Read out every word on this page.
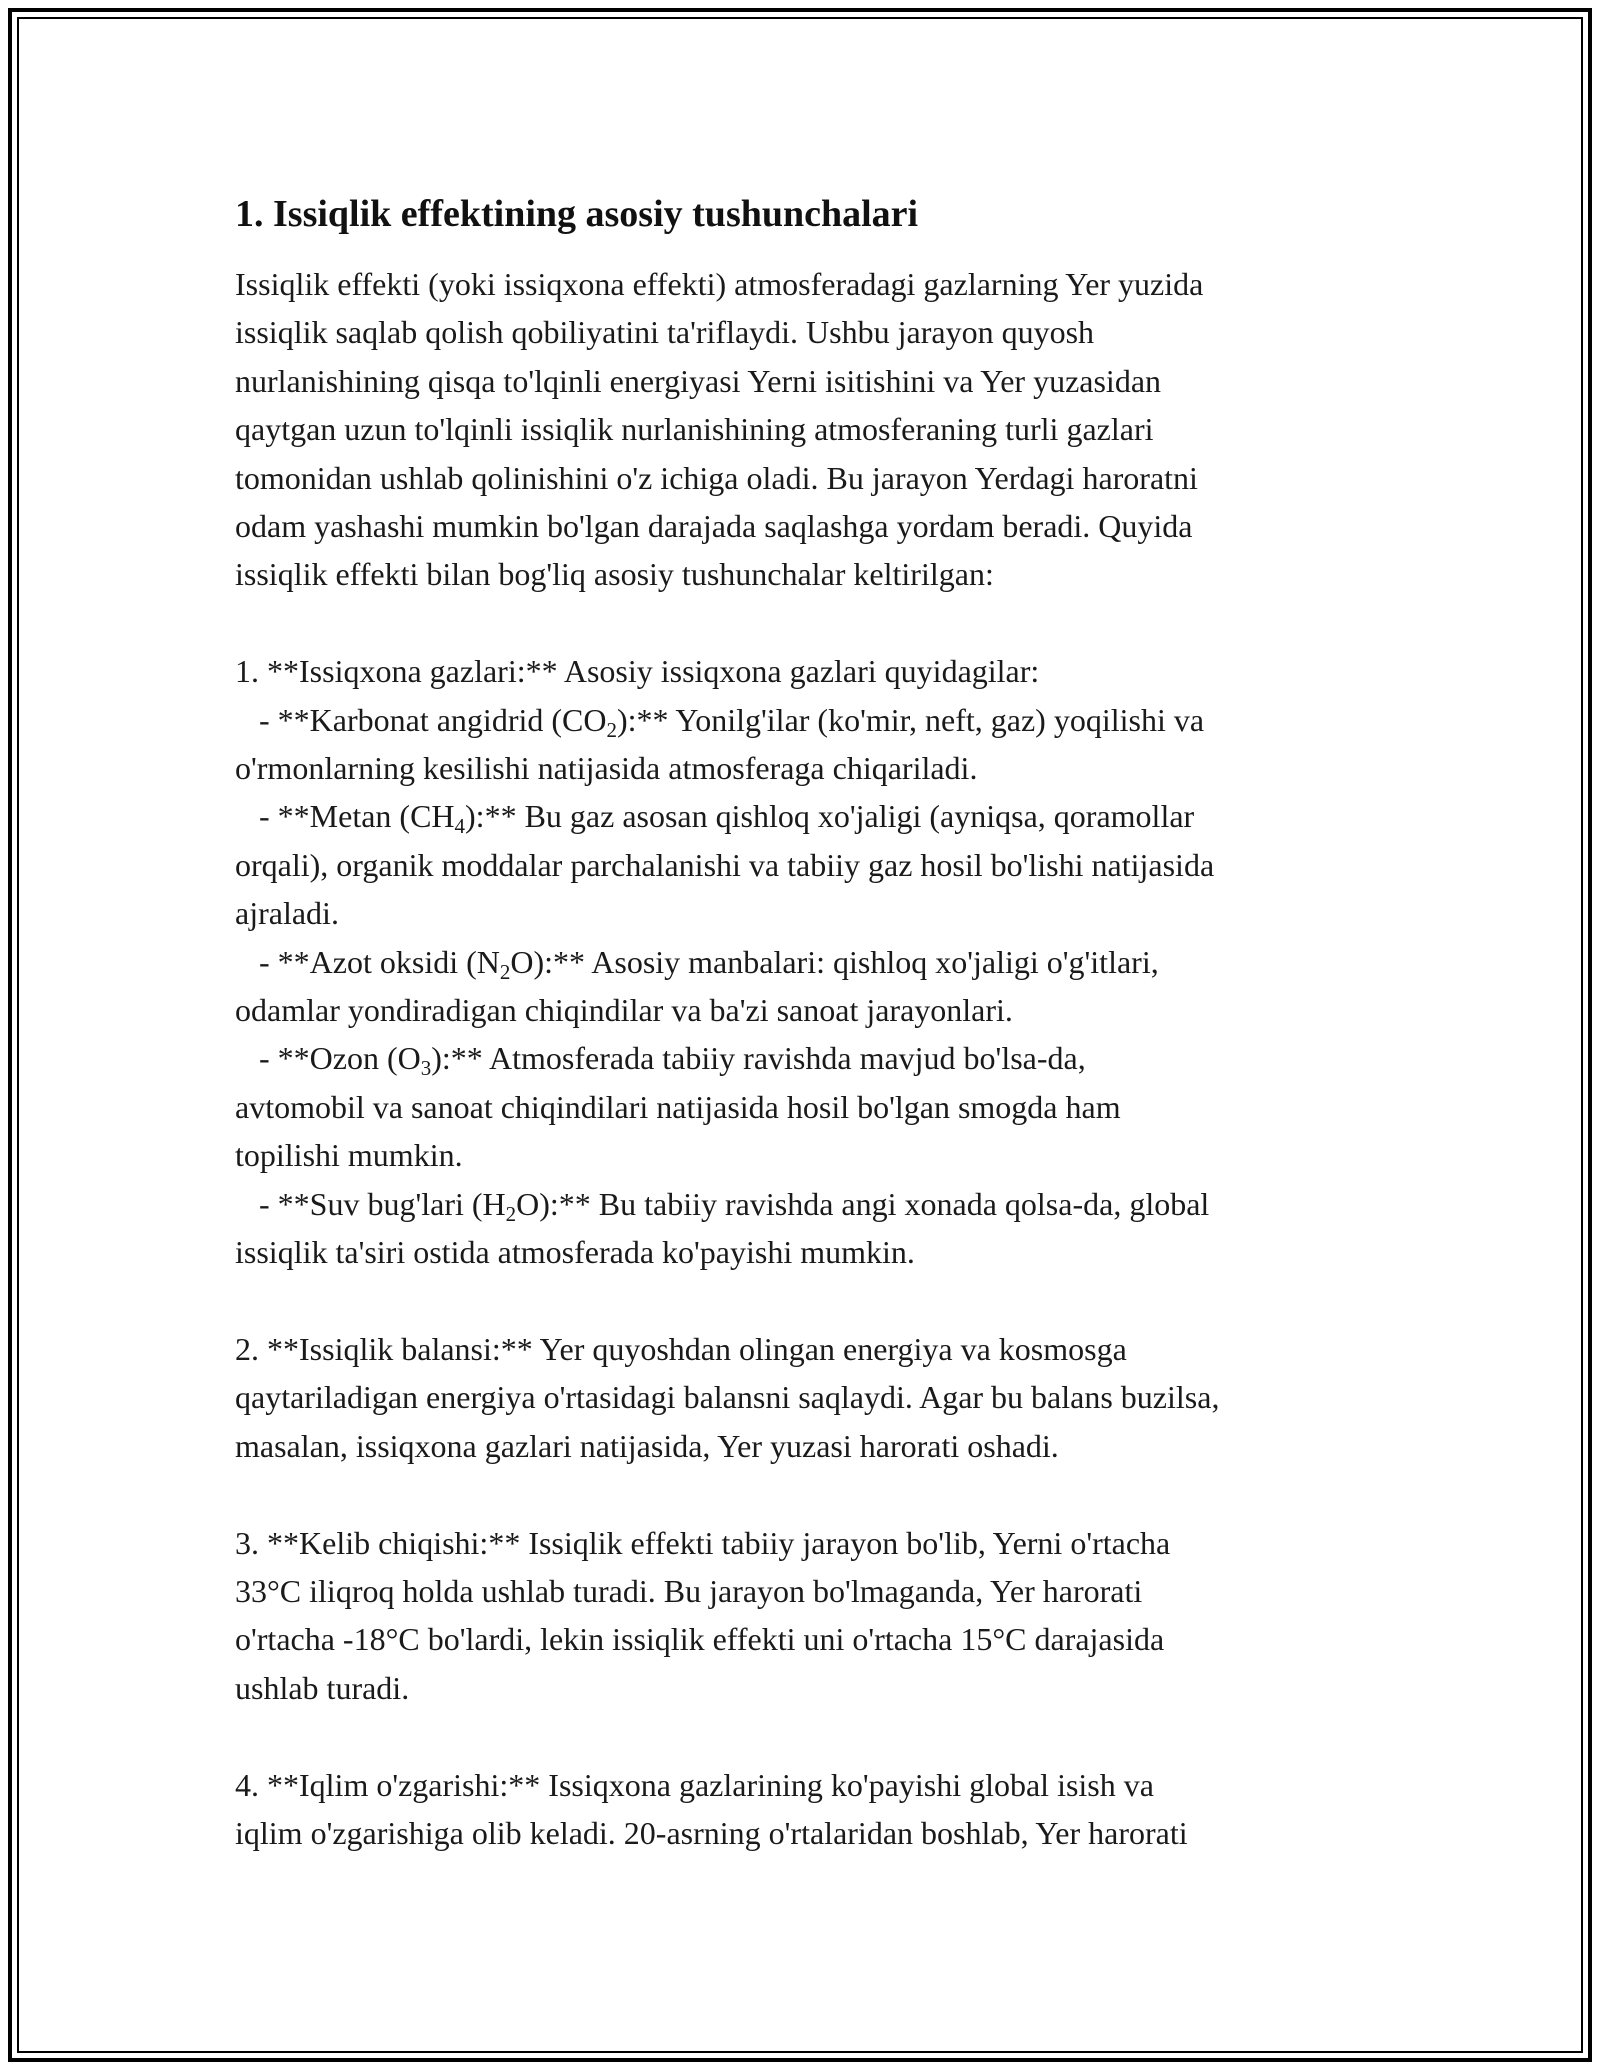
1. Issiqlik effektining asosiy tushunchalari
Issiqlik effekti (yoki issiqxona effekti) atmosferadagi gazlarning Yer yuzida
issiqlik saqlab qolish qobiliyatini ta'riflaydi. Ushbu jarayon quyosh
nurlanishining qisqa to'lqinli energiyasi Yerni isitishini va Yer yuzasidan
qaytgan uzun to'lqinli issiqlik nurlanishining atmosferaning turli gazlari
tomonidan ushlab qolinishini o'z ichiga oladi. Bu jarayon Yerdagi haroratni
odam yashashi mumkin bo'lgan darajada saqlashga yordam beradi. Quyida
issiqlik effekti bilan bog'liq asosiy tushunchalar keltirilgan:
1. **Issiqxona gazlari:** Asosiy issiqxona gazlari quyidagilar:
- **Karbonat angidrid $(CO_2):**$ Yonilg'ilar (ko'mir, neft, gaz) yoqilishi va
o'rmonlarning kesilishi natijasida atmosferaga chiqariladi.
- **Metan $(CH_4):**$ Bu gaz asosan qishloq xo'jaligi (ayniqsa, qoramollar
orqali), organik moddalar parchalanishi va tabiiy gaz hosil bo'lishi natijasida
ajraladi.
- **Azot oksidi $(N_2O):**$ Asosiy manbalari: qishloq xo'jaligi o'g'itlari,
odamlar yondiradigan chiqindilar va ba'zi sanoat jarayonlari.
- **Ozon $(O_3):**$ Atmosferada tabiiy ravishda mavjud bo'lsa-da,
avtomobil va sanoat chiqindilari natijasida hosil bo'lgan smogda ham
topilishi mumkin.
- **Suv bug'lari $(H_2O):**$ Bu tabiiy ravishda angi xonada qolsa-da, global
issiqlik ta'siri ostida atmosferada ko'payishi mumkin.
2. **Issiqlik balansi:** Yer quyoshdan olingan energiya va kosmosga
qaytariladigan energiya o'rtasidagi balansni saqlaydi. Agar bu balans buzilsa,
masalan, issiqxona gazlari natijasida, Yer yuzasi harorati oshadi.
3. **Kelib chiqishi:** Issiqlik effekti tabiiy jarayon bo'lib, Yerni o'rtacha
33°C iliqroq holda ushlab turadi. Bu jarayon bo'lmaganda, Yer harorati
o'rtacha -18°C bo'lardi, lekin issiqlik effekti uni o'rtacha 15°C darajasida
ushlab turadi.
4. **Iqlim o'zgarishi:** Issiqxona gazlarining ko'payishi global isish va
iqlim o'zgarishiga olib keladi. 20-asrning o'rtalaridan boshlab, Yer harorati
